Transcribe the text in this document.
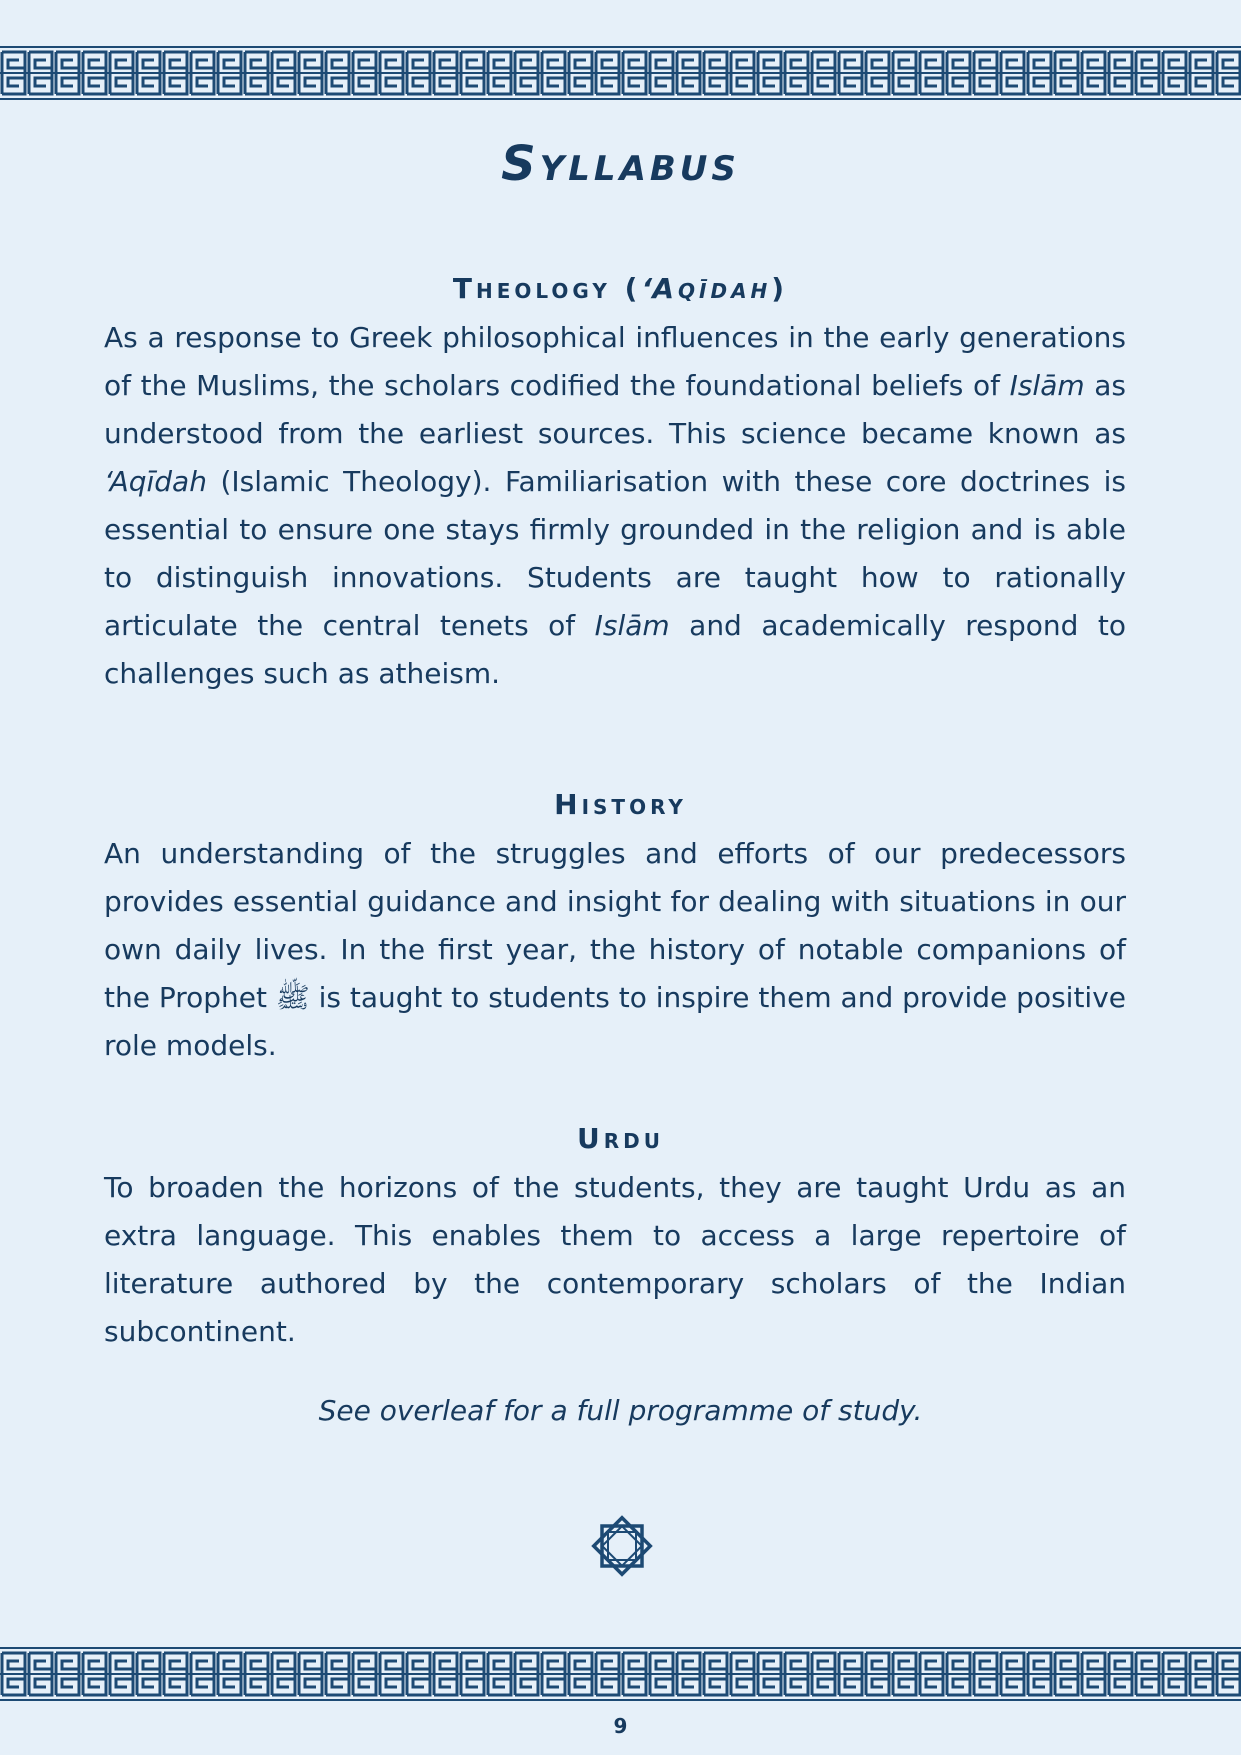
Syllabus
Theology (‘Aqīdah)
As a response to Greek philosophical influences in the early generations of the Muslims, the scholars codified the foundational beliefs of Islām as understood from the earliest sources. This science became known as ‘Aqīdah (Islamic Theology). Familiarisation with these core doctrines is essential to ensure one stays firmly grounded in the religion and is able to distinguish innovations. Students are taught how to rationally articulate the central tenets of Islām and academically respond to challenges such as atheism.
History
An understanding of the struggles and efforts of our predecessors provides essential guidance and insight for dealing with situations in our own daily lives. In the first year, the history of notable companions of the Prophet ﷺ is taught to students to inspire them and provide positive role models.
Urdu
To broaden the horizons of the students, they are taught Urdu as an extra language. This enables them to access a large repertoire of literature authored by the contemporary scholars of the Indian subcontinent.
See overleaf for a full programme of study.
9
